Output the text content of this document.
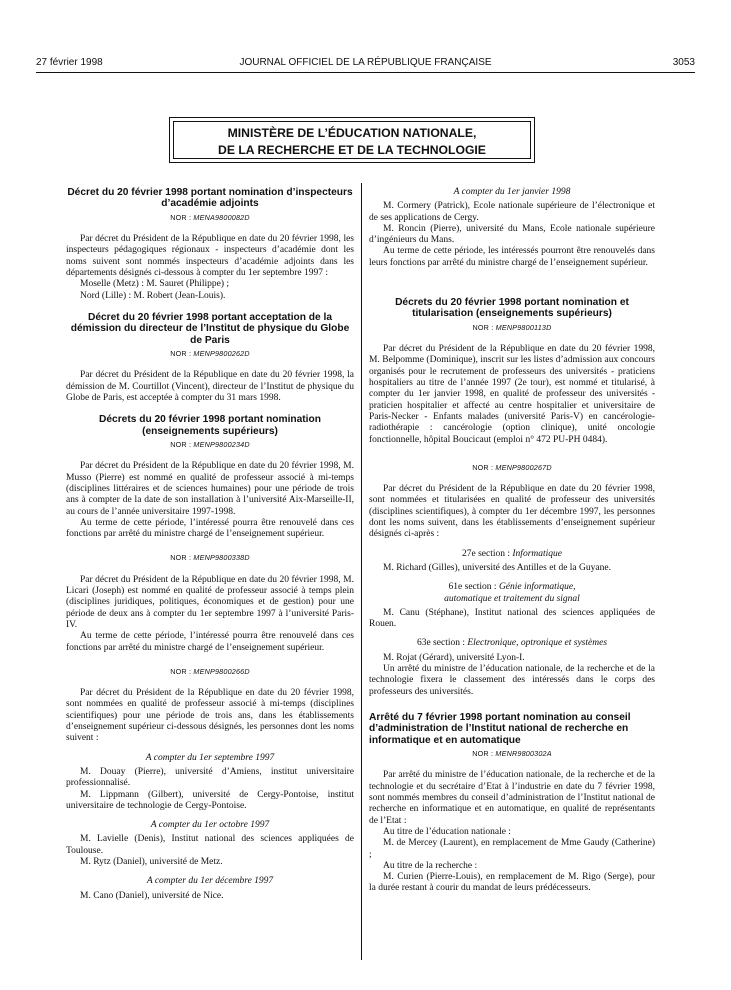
27 février 1998	JOURNAL OFFICIEL DE LA RÉPUBLIQUE FRANÇAISE	3053
MINISTÈRE DE L’ÉDUCATION NATIONALE,
DE LA RECHERCHE ET DE LA TECHNOLOGIE
Décret du 20 février 1998 portant nomination d’inspecteurs d’académie adjoints
NOR : MENA9800082D

Par décret du Président de la République en date du 20 février 1998, les inspecteurs pédagogiques régionaux - inspecteurs d’académie dont les noms suivent sont nommés inspecteurs d’académie adjoints dans les départements désignés ci-dessous à compter du 1er septembre 1997 :

Moselle (Metz) : M. Sauret (Philippe) ;

Nord (Lille) : M. Robert (Jean-Louis).

Décret du 20 février 1998 portant acceptation de la démission du directeur de l’Institut de physique du Globe de Paris
NOR : MENP9800262D

Par décret du Président de la République en date du 20 février 1998, la démission de M. Courtillot (Vincent), directeur de l’Institut de physique du Globe de Paris, est acceptée à compter du 31 mars 1998.

Décrets du 20 février 1998 portant nomination (enseignements supérieurs)
NOR : MENP9800234D

Par décret du Président de la République en date du 20 février 1998, M. Musso (Pierre) est nommé en qualité de professeur associé à mi-temps (disciplines littéraires et de sciences humaines) pour une période de trois ans à compter de la date de son installation à l’université Aix-Marseille-II, au cours de l’année universitaire 1997-1998.

Au terme de cette période, l’intéressé pourra être renouvelé dans ces fonctions par arrêté du ministre chargé de l’enseignement supérieur.

NOR : MENP9800338D

Par décret du Président de la République en date du 20 février 1998, M. Licari (Joseph) est nommé en qualité de professeur associé à temps plein (disciplines juridiques, politiques, économiques et de gestion) pour une période de deux ans à compter du 1er septembre 1997 à l’université Paris-IV.

Au terme de cette période, l’intéressé pourra être renouvelé dans ces fonctions par arrêté du ministre chargé de l’enseignement supérieur.

NOR : MENP9800266D

Par décret du Président de la République en date du 20 février 1998, sont nommées en qualité de professeur associé à mi-temps (disciplines scientifiques) pour une période de trois ans, dans les établissements d’enseignement supérieur ci-dessous désignés, les personnes dont les noms suivent :

A compter du 1er septembre 1997

M. Douay (Pierre), université d’Amiens, institut universitaire professionnalisé.

M. Lippmann (Gilbert), université de Cergy-Pontoise, institut universitaire de technologie de Cergy-Pontoise.

A compter du 1er octobre 1997

M. Lavielle (Denis), Institut national des sciences appliquées de Toulouse.

M. Rytz (Daniel), université de Metz.

A compter du 1er décembre 1997

M. Cano (Daniel), université de Nice.

A compter du 1er janvier 1998

M. Cormery (Patrick), Ecole nationale supérieure de l’électronique et de ses applications de Cergy.

M. Roncin (Pierre), université du Mans, Ecole nationale supérieure d’ingénieurs du Mans.

Au terme de cette période, les intéressés pourront être renouvelés dans leurs fonctions par arrêté du ministre chargé de l’enseignement supérieur.

Décrets du 20 février 1998 portant nomination et titularisation (enseignements supérieurs)
NOR : MENP9800113D

Par décret du Président de la République en date du 20 février 1998, M. Belpomme (Dominique), inscrit sur les listes d’admission aux concours organisés pour le recrutement de professeurs des universités - praticiens hospitaliers au titre de l’année 1997 (2e tour), est nommé et titularisé, à compter du 1er janvier 1998, en qualité de professeur des universités - praticien hospitalier et affecté au centre hospitalier et universitaire de Paris-Necker - Enfants malades (université Paris-V) en cancérologie-radiothérapie : cancérologie (option clinique), unité oncologie fonctionnelle, hôpital Boucicaut (emploi n° 472 PU-PH 0484).

NOR : MENP9800267D

Par décret du Président de la République en date du 20 février 1998, sont nommées et titularisées en qualité de professeur des universités (disciplines scientifiques), à compter du 1er décembre 1997, les personnes dont les noms suivent, dans les établissements d’enseignement supérieur désignés ci-après :

27e section : Informatique

M. Richard (Gilles), université des Antilles et de la Guyane.

61e section : Génie informatique,
automatique et traitement du signal

M. Canu (Stéphane), Institut national des sciences appliquées de Rouen.

63e section : Electronique, optronique et systèmes

M. Rojat (Gérard), université Lyon-I.

Un arrêté du ministre de l’éducation nationale, de la recherche et de la technologie fixera le classement des intéressés dans le corps des professeurs des universités.

Arrêté du 7 février 1998 portant nomination au conseil d’administration de l’Institut national de recherche en informatique et en automatique
NOR : MENR9800302A

Par arrêté du ministre de l’éducation nationale, de la recherche et de la technologie et du secrétaire d’Etat à l’industrie en date du 7 février 1998, sont nommés membres du conseil d’administration de l’Institut national de recherche en informatique et en automatique, en qualité de représentants de l’Etat :

Au titre de l’éducation nationale :

M. de Mercey (Laurent), en remplacement de Mme Gaudy (Catherine) ;

Au titre de la recherche :

M. Curien (Pierre-Louis), en remplacement de M. Rigo (Serge), pour la durée restant à courir du mandat de leurs prédécesseurs.
